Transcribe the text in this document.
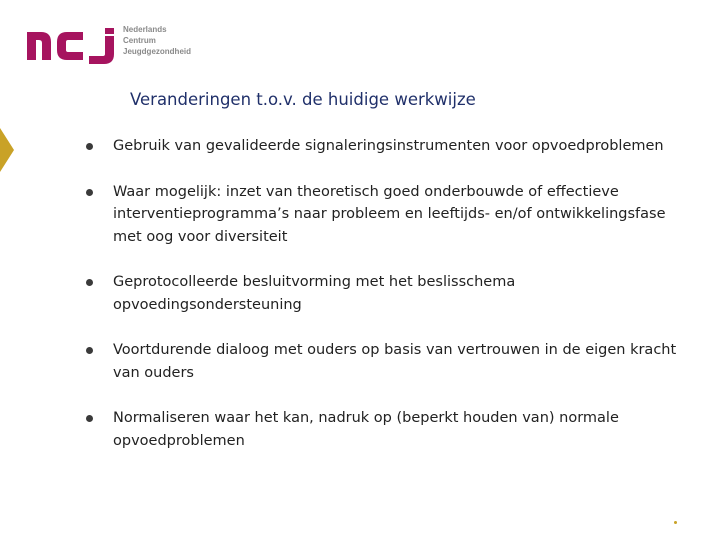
Nederlands
Centrum
Jeugdgezondheid
Veranderingen t.o.v. de huidige werkwijze
Gebruik van gevalideerde signaleringsinstrumenten voor opvoedproblemen
Waar mogelijk: inzet van theoretisch goed onderbouwde of effectieve interventieprogramma’s naar probleem en leeftijds- en/of ontwikkelingsfase met oog voor diversiteit
Geprotocolleerde besluitvorming met het beslisschema opvoedingsondersteuning
Voortdurende dialoog met ouders op basis van vertrouwen in de eigen kracht van ouders
Normaliseren waar het kan, nadruk op (beperkt houden van) normale opvoedproblemen
